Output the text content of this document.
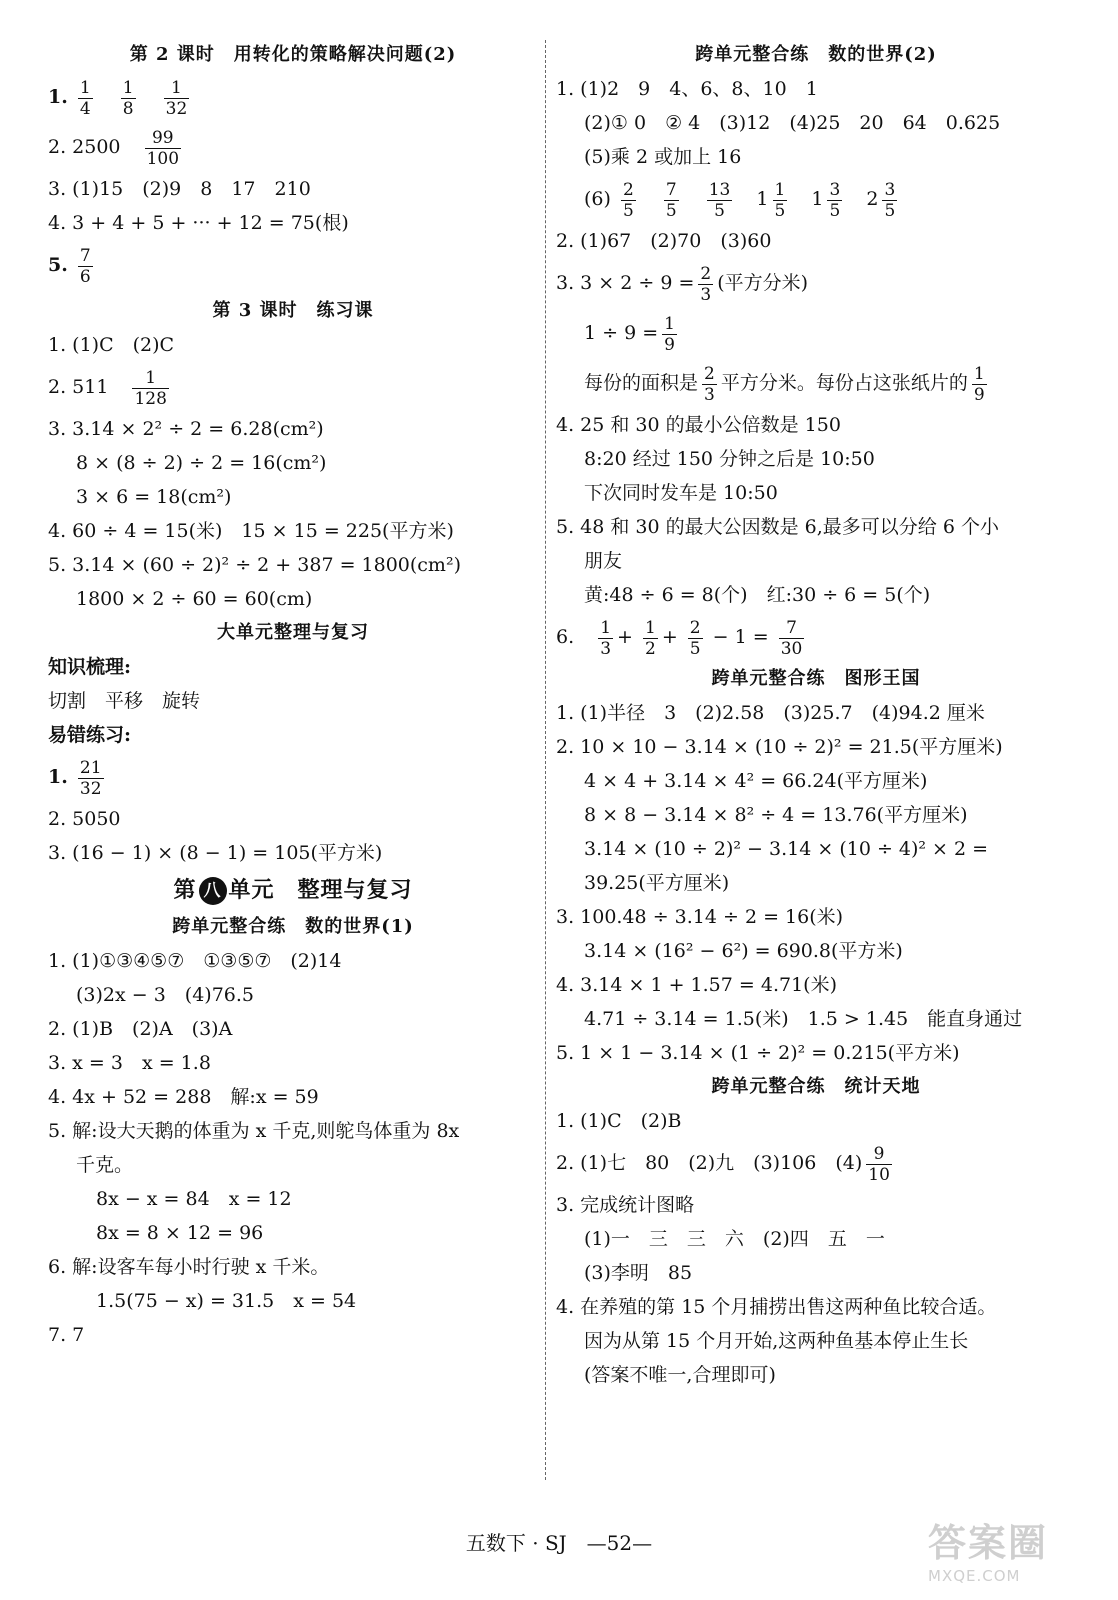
第 2 课时　用转化的策略解决问题(2)
1. $\frac{1}{4}$
$\frac{1}{8}$
$\frac{1}{32}$
2. $2500 \frac{99}{100}$
3. (1)15　(2)9　8　17　210
4. 3 + 4 + 5 + ··· + 12 = 75(根)
5. $\frac{7}{6}$
第 3 课时　练习课
1. (1)C　(2)C
2. $511 \frac{1}{128}$
3. 3.14 × 2² ÷ 2 = 6.28(cm²)
8 × (8 ÷ 2) ÷ 2 = 16(cm²)
3 × 6 = 18(cm²)
4. 60 ÷ 4 = 15(米)　15 × 15 = 225(平方米)
5. 3.14 × (60 ÷ 2)² ÷ 2 + 387 = 1800(cm²)
1800 × 2 ÷ 60 = 60(cm)
大单元整理与复习
知识梳理:
切割　平移　旋转
易错练习:
1. $\frac{21}{32}$
2. 5050
3. (16 − 1) × (8 − 1) = 105(平方米)
第 八 单元　整理与复习
跨单元整合练　数的世界(1)
1. (1)①③④⑤⑦　①③⑤⑦　(2)14
(3)2x − 3　(4)76.5
2. (1)B　(2)A　(3)A
3. x = 3　x = 1.8
4. 4x + 52 = 288　解:x = 59
5. 解:设大天鹅的体重为 x 千克,则鸵鸟体重为 8x
千克。
8x − x = 84　x = 12
8x = 8 × 12 = 96
6. 解:设客车每小时行驶 x 千米。
1.5(75 − x) = 31.5　x = 54
7. 7
跨单元整合练　数的世界(2)
1. (1)2　9　4、6、8、10　1
(2)① 0　② 4　(3)12　(4)25　20　64　0.625
(5)乘 2 或加上 16
$(6) \frac{2}{5}$
$\frac{7}{5}$
$\frac{13}{5} 1 \frac{1}{5} 1 \frac{3}{5} 2 \frac{3}{5}$
2. (1)67　(2)70　(3)60
3. $3 \times 2 \div 9 = \frac{2}{3}$ (平方分米)
$1 \div 9 = \frac{1}{9}$
每份的面积是 $\frac{2}{3}$ 平方分米。每份占这张纸片的 $\frac{1}{9}$
4. 25 和 30 的最小公倍数是 150
8:20 经过 150 分钟之后是 10:50
下次同时发车是 10:50
5. 48 和 30 的最大公因数是 6,最多可以分给 6 个小
朋友
黄:48 ÷ 6 = 8(个)　红:30 ÷ 6 = 5(个)
6. $\frac{1}{3} + \frac{1}{2} + \frac{2}{5} - 1 = \frac{7}{30}$
跨单元整合练　图形王国
1. (1)半径　3　(2)2.58　(3)25.7　(4)94.2 厘米
2. 10 × 10 − 3.14 × (10 ÷ 2)² = 21.5(平方厘米)
4 × 4 + 3.14 × 4² = 66.24(平方厘米)
8 × 8 − 3.14 × 8² ÷ 4 = 13.76(平方厘米)
3.14 × (10 ÷ 2)² − 3.14 × (10 ÷ 4)² × 2 =
39.25(平方厘米)
3. 100.48 ÷ 3.14 ÷ 2 = 16(米)
3.14 × (16² − 6²) = 690.8(平方米)
4. 3.14 × 1 + 1.57 = 4.71(米)
4.71 ÷ 3.14 = 1.5(米)　1.5 > 1.45　能直身通过
5. 1 × 1 − 3.14 × (1 ÷ 2)² = 0.215(平方米)
跨单元整合练　统计天地
1. (1)C　(2)B
2. (1)七　80　(2)九　(3)106　$(4) \frac{9}{10}$
3. 完成统计图略
(1)一　三　三　六　(2)四　五　一
(3)李明　85
4. 在养殖的第 15 个月捕捞出售这两种鱼比较合适。
因为从第 15 个月开始,这两种鱼基本停止生长
(答案不唯一,合理即可)
五数下 · SJ　—52—	答案圈
MXQE.COM
